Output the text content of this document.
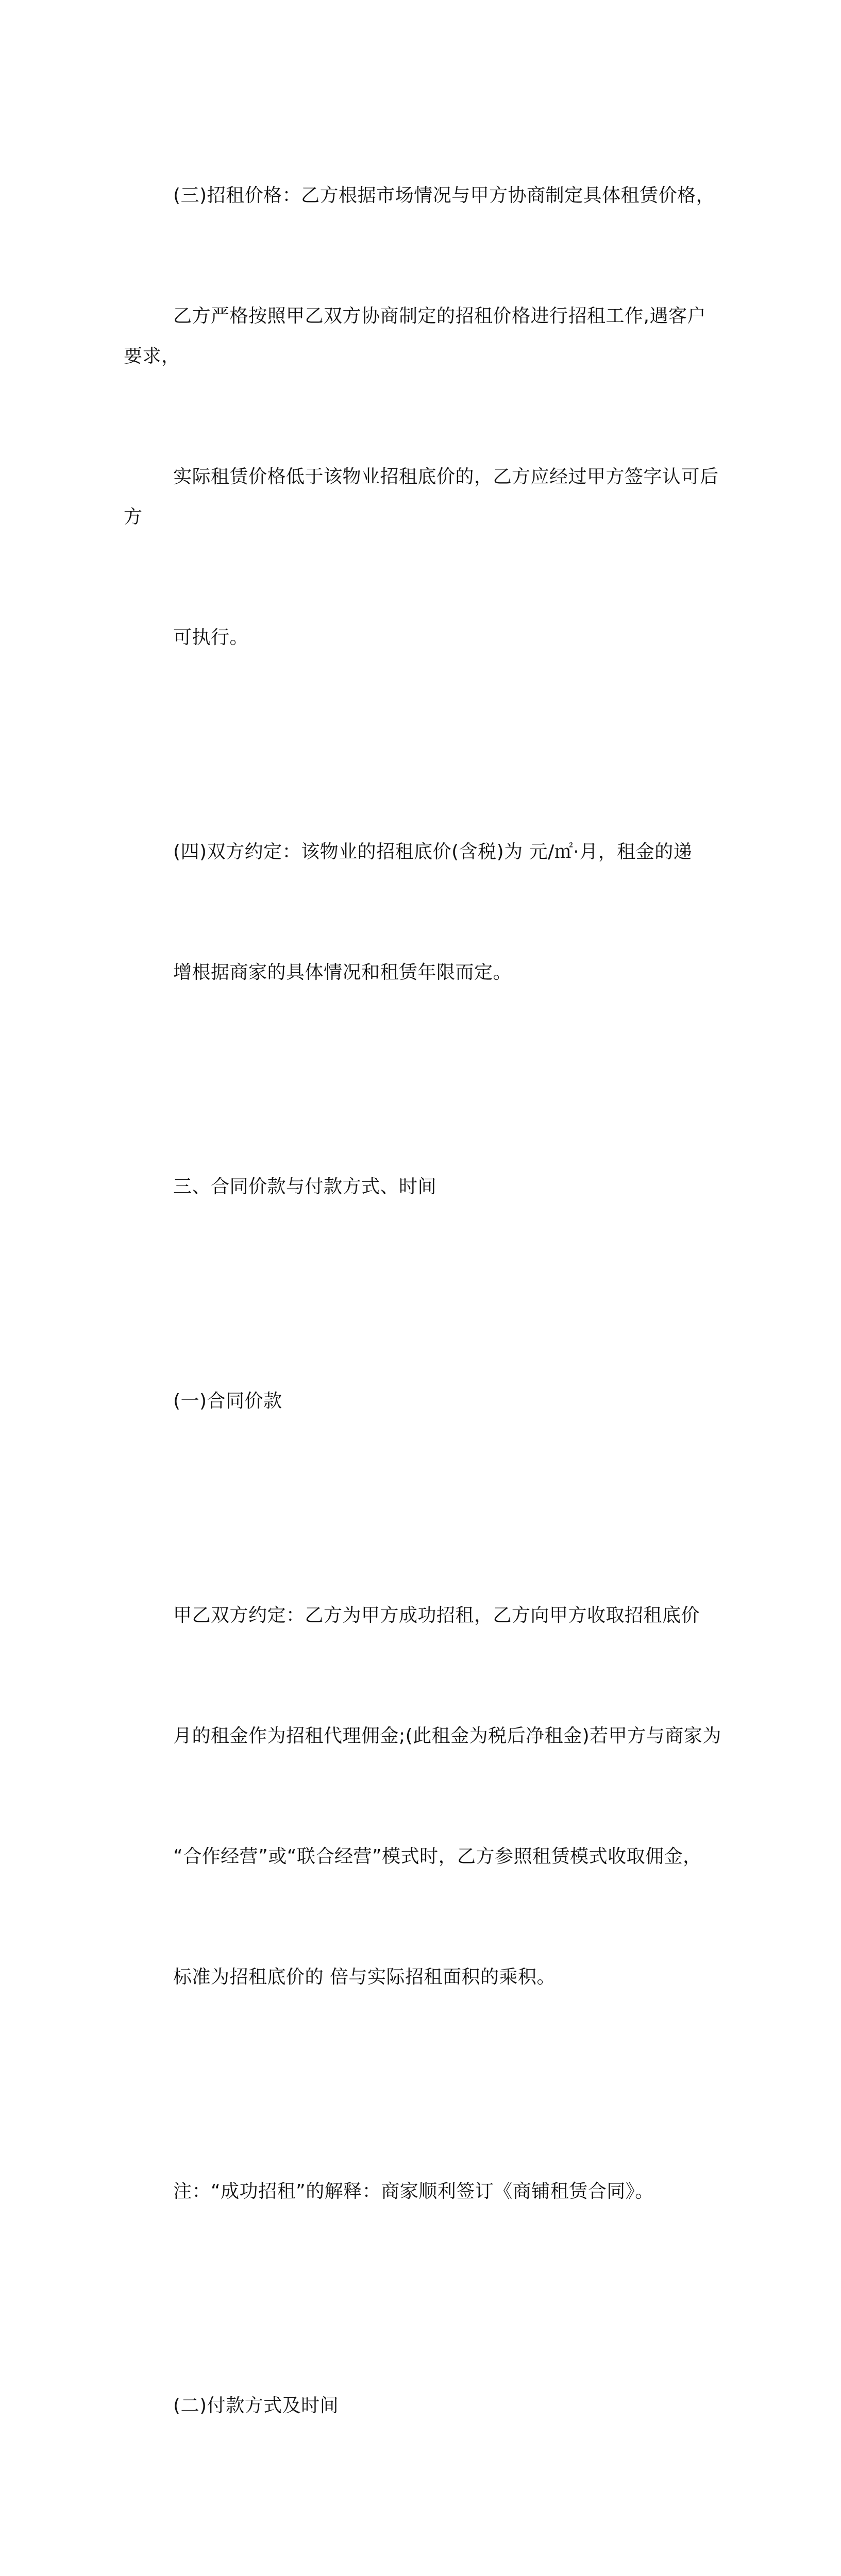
(三)招租价格：乙方根据市场情况与甲方协商制定具体租赁价格，

乙方严格按照甲乙双方协商制定的招租价格进行招租工作,遇客户要求，

实际租赁价格低于该物业招租底价的，乙方应经过甲方签字认可后方

可执行。

(四)双方约定：该物业的招租底价(含税)为 元/㎡·月，租金的递

增根据商家的具体情况和租赁年限而定。

三、合同价款与付款方式、时间

(一)合同价款

甲乙双方约定：乙方为甲方成功招租，乙方向甲方收取招租底价

月的租金作为招租代理佣金;(此租金为税后净租金)若甲方与商家为

“合作经营”或“联合经营”模式时，乙方参照租赁模式收取佣金，

标准为招租底价的 倍与实际招租面积的乘积。

注：“成功招租”的解释：商家顺利签订《商铺租赁合同》。

(二)付款方式及时间
